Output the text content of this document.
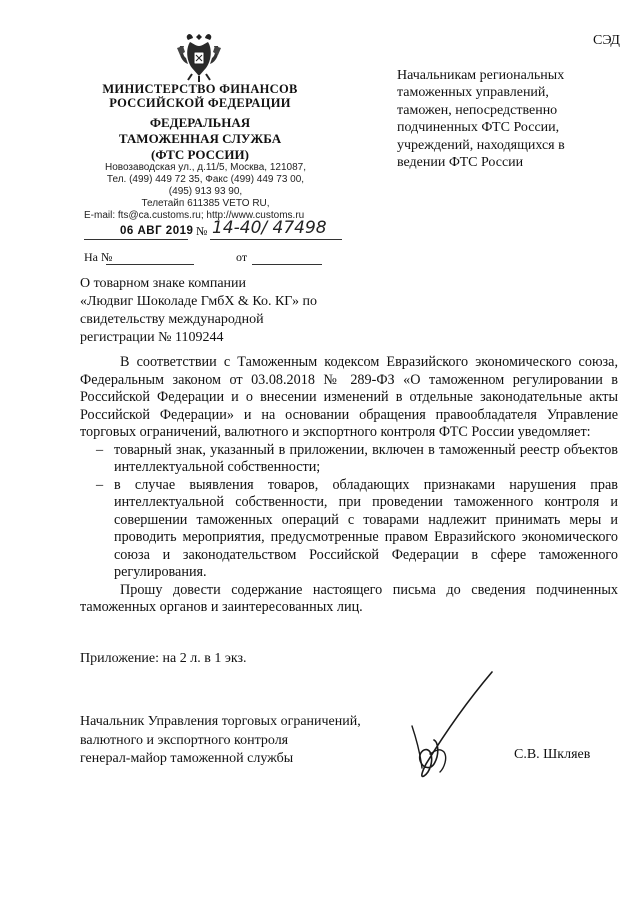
СЭД
МИНИСТЕРСТВО ФИНАНСОВ
РОССИЙСКОЙ ФЕДЕРАЦИИ
ФЕДЕРАЛЬНАЯ
ТАМОЖЕННАЯ СЛУЖБА
(ФТС РОССИИ)
Новозаводская ул., д.11/5, Москва, 121087,
Тел. (499) 449 72 35, Факс (499) 449 73 00,
(495) 913 93 90,
Телетайп 611385 VETO RU,
E-mail: fts@ca.customs.ru; http://www.customs.ru
06 АВГ 2019 № 14-40/ 47498
На №	от
Начальникам региональных таможенных управлений, таможен, непосредственно подчиненных ФТС России, учреждений, находящихся в ведении ФТС России
О товарном знаке компании
«Людвиг Шоколаде ГмбХ & Ко. КГ» по
свидетельству международной
регистрации № 1109244

В соответствии с Таможенным кодексом Евразийского экономического союза, Федеральным законом от 03.08.2018 № 289-ФЗ «О таможенном регулировании в Российской Федерации и о внесении изменений в отдельные законодательные акты Российской Федерации» и на основании обращения правообладателя Управление торговых ограничений, валютного и экспортного контроля ФТС России уведомляет:

– товарный знак, указанный в приложении, включен в таможенный реестр объектов интеллектуальной собственности;

– в случае выявления товаров, обладающих признаками нарушения прав интеллектуальной собственности, при проведении таможенного контроля и совершении таможенных операций с товарами надлежит принимать меры и проводить мероприятия, предусмотренные правом Евразийского экономического союза и законодательством Российской Федерации в сфере таможенного регулирования.

Прошу довести содержание настоящего письма до сведения подчиненных таможенных органов и заинтересованных лиц.

Приложение: на 2 л. в 1 экз.
Начальник Управления торговых ограничений,
валютного и экспортного контроля
генерал-майор таможенной службы	С.В. Шкляев
